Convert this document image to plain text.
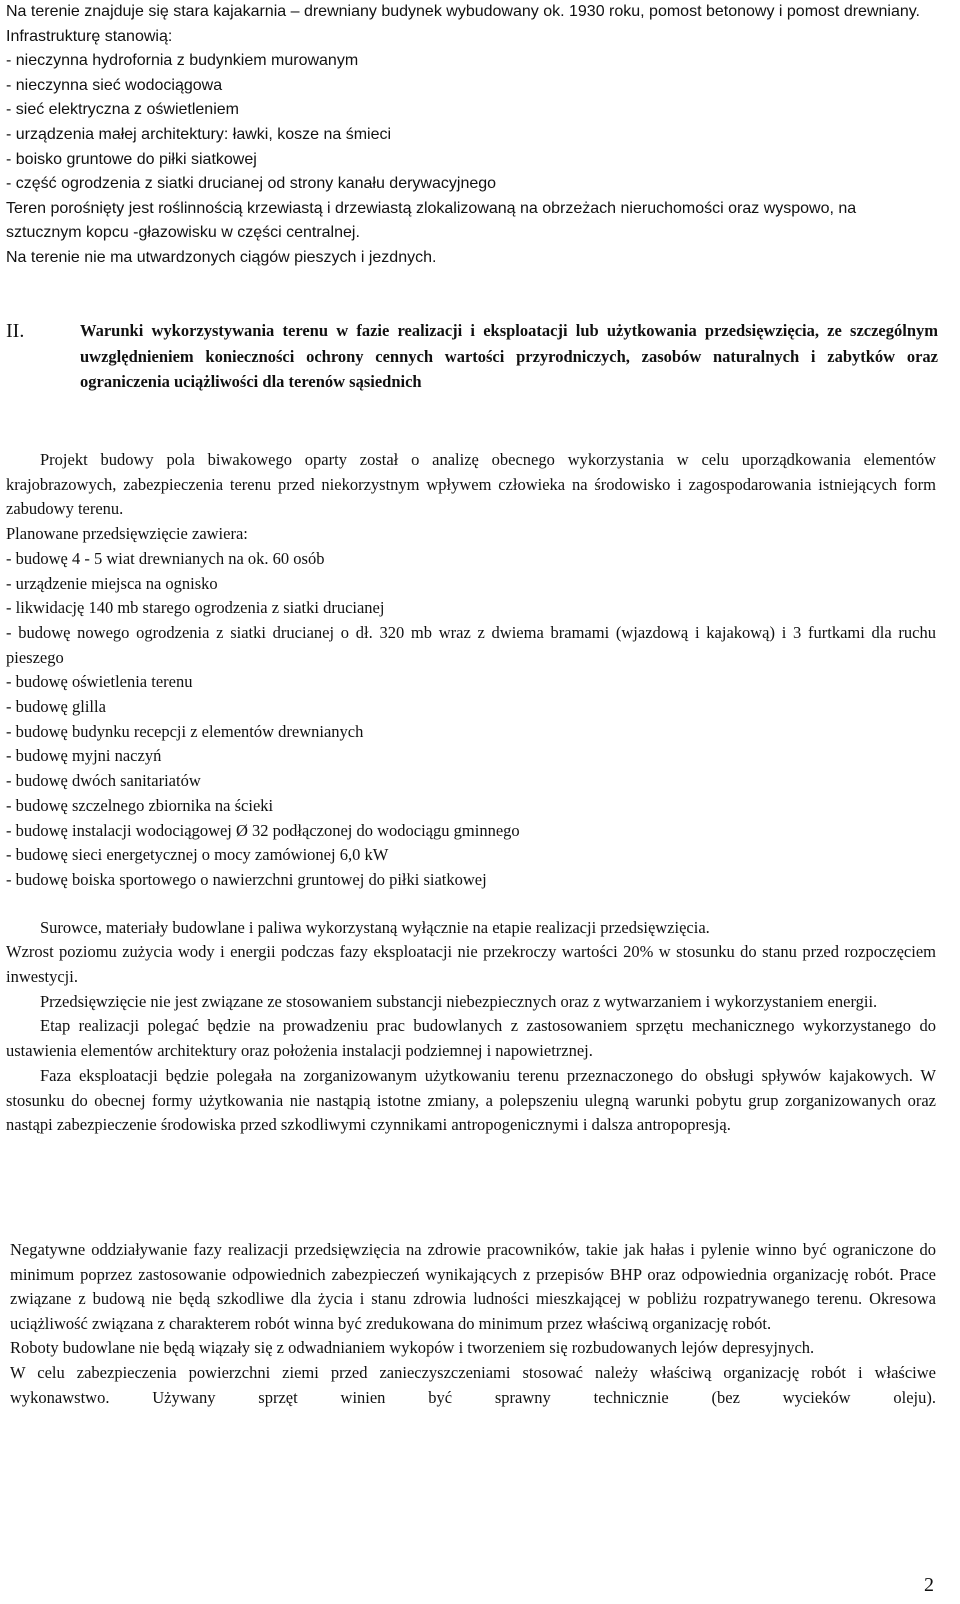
Na terenie znajduje się stara kajakarnia – drewniany budynek wybudowany ok. 1930 roku, pomost betonowy i pomost drewniany.
Infrastrukturę stanowią:
- nieczynna hydrofornia z budynkiem murowanym
- nieczynna sieć wodociągowa
- sieć elektryczna z oświetleniem
- urządzenia małej architektury: ławki, kosze na śmieci
- boisko gruntowe do piłki siatkowej
- część ogrodzenia z siatki drucianej od strony kanału derywacyjnego
Teren porośnięty jest roślinnością krzewiastą i drzewiastą zlokalizowaną na obrzeżach nieruchomości oraz wyspowo, na sztucznym kopcu -głazowisku w części centralnej.
Na terenie nie ma utwardzonych ciągów pieszych i jezdnych.
II.	Warunki wykorzystywania terenu w fazie realizacji i eksploatacji lub użytkowania przedsięwzięcia, ze szczególnym uwzględnieniem konieczności ochrony cennych wartości przyrodniczych, zasobów naturalnych i zabytków oraz ograniczenia uciążliwości dla terenów sąsiednich
Projekt budowy pola biwakowego oparty został o analizę obecnego wykorzystania w celu uporządkowania elementów krajobrazowych, zabezpieczenia terenu przed niekorzystnym wpływem człowieka na środowisko i zagospodarowania istniejących form zabudowy terenu.
Planowane przedsięwzięcie zawiera:
- budowę 4 - 5 wiat drewnianych na ok. 60 osób
- urządzenie miejsca na ognisko
- likwidację 140 mb starego ogrodzenia z siatki drucianej
- budowę nowego ogrodzenia z siatki drucianej o dł. 320 mb wraz z dwiema bramami (wjazdową i kajakową) i 3 furtkami dla ruchu pieszego
- budowę oświetlenia terenu
- budowę glilla
- budowę budynku recepcji z elementów drewnianych
- budowę myjni naczyń
- budowę dwóch sanitariatów
- budowę szczelnego zbiornika na ścieki
- budowę instalacji wodociągowej Ø 32 podłączonej do wodociągu gminnego
- budowę sieci energetycznej o mocy zamówionej 6,0 kW
- budowę boiska sportowego o nawierzchni gruntowej do piłki siatkowej
Surowce, materiały budowlane i paliwa wykorzystaną wyłącznie na etapie realizacji przedsięwzięcia.
Wzrost poziomu zużycia wody i energii podczas fazy eksploatacji nie przekroczy wartości 20% w stosunku do stanu przed rozpoczęciem inwestycji.
Przedsięwzięcie nie jest związane ze stosowaniem substancji niebezpiecznych oraz z wytwarzaniem i wykorzystaniem energii.
Etap realizacji polegać będzie na prowadzeniu prac budowlanych z zastosowaniem sprzętu mechanicznego wykorzystanego do ustawienia elementów architektury oraz położenia instalacji podziemnej i napowietrznej.
Faza eksploatacji będzie polegała na zorganizowanym użytkowaniu terenu przeznaczonego do obsługi spływów kajakowych. W stosunku do obecnej formy użytkowania nie nastąpią istotne zmiany, a polepszeniu ulegną warunki pobytu grup zorganizowanych oraz nastąpi zabezpieczenie środowiska przed szkodliwymi czynnikami antropogenicznymi i dalsza antropopresją.
Negatywne oddziaływanie fazy realizacji przedsięwzięcia na zdrowie pracowników, takie jak hałas i pylenie winno być ograniczone do minimum poprzez zastosowanie odpowiednich zabezpieczeń wynikających z przepisów BHP oraz odpowiednia organizację robót. Prace związane z budową nie będą szkodliwe dla życia i stanu zdrowia ludności mieszkającej w pobliżu rozpatrywanego terenu. Okresowa uciążliwość związana z charakterem robót winna być zredukowana do minimum przez właściwą organizację robót.
Roboty budowlane nie będą wiązały się z odwadnianiem wykopów i tworzeniem się rozbudowanych lejów depresyjnych.
W celu zabezpieczenia powierzchni ziemi przed zanieczyszczeniami stosować należy właściwą organizację robót i właściwe wykonawstwo. Używany sprzęt winien być sprawny technicznie (bez wycieków oleju).
2
